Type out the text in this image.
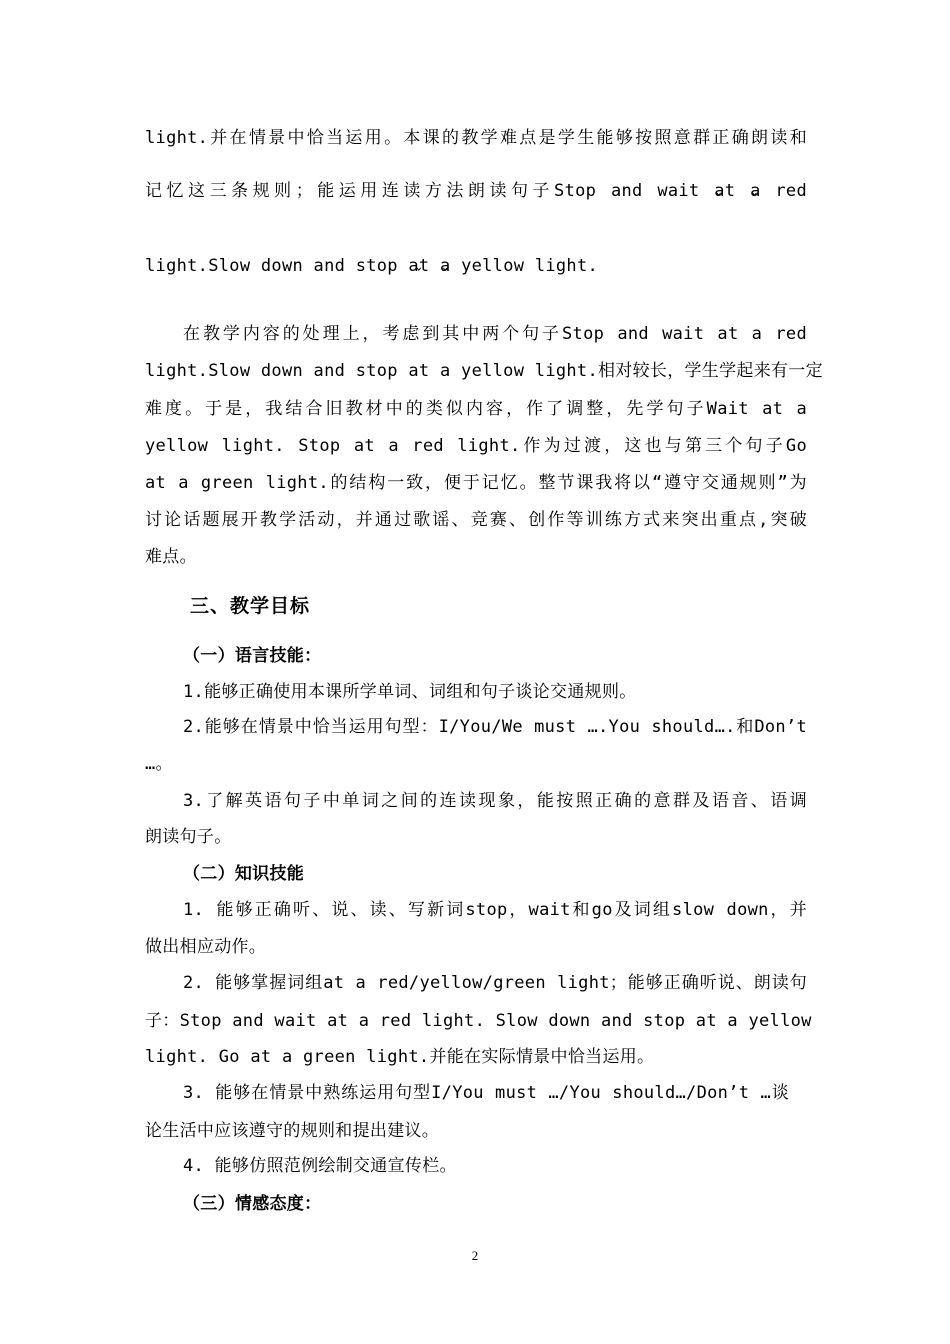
light.并在情景中恰当运用。本课的教学难点是学生能够按照意群正确朗读和
记忆这三条规则；能运用连读方法朗读句子Stop and wait at ˇ a ˇ red
light.Slow down and stop at ˇ a ˇ yellow light.
在教学内容的处理上，考虑到其中两个句子Stop and wait at a red
light.Slow down and stop at a yellow light.相对较长，学生学起来有一定
难度。于是，我结合旧教材中的类似内容，作了调整，先学句子Wait at a
yellow light. Stop at a red light.作为过渡，这也与第三个句子Go
at a green light.的结构一致，便于记忆。整节课我将以“遵守交通规则”为
讨论话题展开教学活动，并通过歌谣、竞赛、创作等训练方式来突出重点,突破
难点。
三、教学目标
（一）语言技能：
1.能够正确使用本课所学单词、词组和句子谈论交通规则。
2.能够在情景中恰当运用句型：I/You/We must ….You should….和Don’t
…。
3.了解英语句子中单词之间的连读现象，能按照正确的意群及语音、语调
朗读句子。
（二）知识技能
1. 能够正确听、说、读、写新词stop，wait和go及词组slow down，并
做出相应动作。
2. 能够掌握词组at a red/yellow/green light；能够正确听说、朗读句
子：Stop and wait at a red light. Slow down and stop at a yellow
light. Go at a green light.并能在实际情景中恰当运用。
3. 能够在情景中熟练运用句型I/You must …/You should…/Don’t …谈
论生活中应该遵守的规则和提出建议。
4. 能够仿照范例绘制交通宣传栏。
（三）情感态度：
2
